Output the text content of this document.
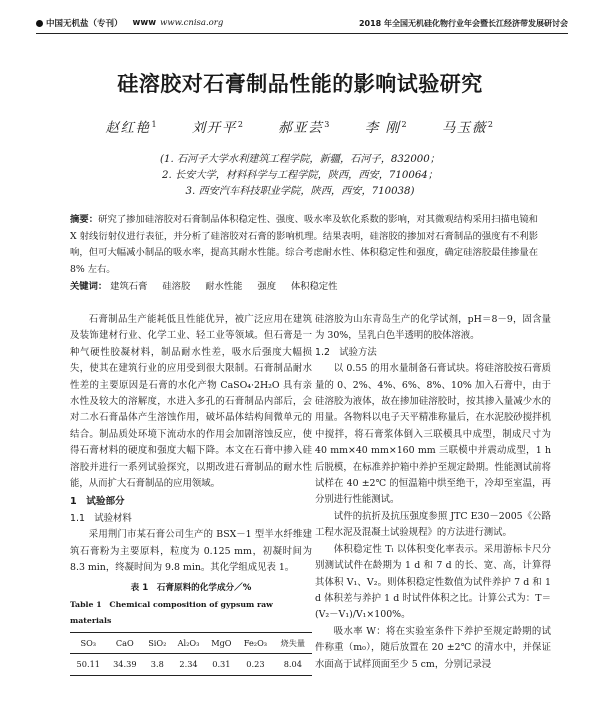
中国无机盐（专刊） www www.cnisa.org	2018 年全国无机硅化物行业年会暨长江经济带发展研讨会
硅溶胶对石膏制品性能的影响试验研究
赵红艳$^1$	刘开平$^2$	郝亚芸$^3$	李 刚$^2$	马玉薇$^2$
(1. 石河子大学水利建筑工程学院，新疆，石河子，832000；
2. 长安大学，材料科学与工程学院，陕西，西安，710064；
3. 西安汽车科技职业学院，陕西，西安，710038)
摘要：研究了掺加硅溶胶对石膏制品体积稳定性、强度、吸水率及软化系数的影响，对其微观结构采用扫描电镜和 X 射线衍射仪进行表征，并分析了硅溶胶对石膏的影响机理。结果表明，硅溶胶的掺加对石膏制品的强度有不利影响，但可大幅减小制品的吸水率，提高其耐水性能。综合考虑耐水性、体积稳定性和强度，确定硅溶胶最佳掺量在 8% 左右。
关键词： 建筑石膏 硅溶胶 耐水性能 强度 体积稳定性

石膏制品生产能耗低且性能优异，被广泛应用在建筑及装饰建材行业、化学工业、轻工业等领域。但石膏是一种气硬性胶凝材料，制品耐水性差，吸水后强度大幅损失，使其在建筑行业的应用受到很大限制。石膏制品耐水性差的主要原因是石膏的水化产物 CaSO₄·2H₂O 具有亲水性及较大的溶解度，水进入多孔的石膏制品内部后，会对二水石膏晶体产生溶蚀作用，破坏晶体结构间微单元的结合。制品质处环境下流动水的作用会加剧溶蚀反应，使得石膏材料的硬度和强度大幅下降。本文在石膏中掺入硅溶胶并进行一系列试验探究，以期改进石膏制品的耐水性能，从而扩大石膏制品的应用领域。

1　试验部分
1.1　试验材料

采用荆门市某石膏公司生产的 BSX－1 型半水纤维建筑石膏粉为主要原料，粒度为 0.125 mm，初凝时间为 8.3 min，终凝时间为 9.8 min。其化学组成见表 1。

表 1　石膏原料的化学成分／%
Table 1　Chemical composition of gypsum raw materials
SO₃	CaO	SiO₂	Al₂O₃	MgO	Fe₂O₃	烧失量
50.11	34.39	3.8	2.34	0.31	0.23	8.04

硅溶胶为山东青岛生产的化学试剂，pH＝8－9，固含量为 30%，呈乳白色半透明的胶体溶液。

1.2　试验方法

以 0.55 的用水量制备石膏试块。将硅溶胶按石膏质量的 0、2%、4%、6%、8%、10% 加入石膏中，由于硅溶胶为液体，故在掺加硅溶胶时，按其掺入量减少水的用量。各物料以电子天平精准称量后，在水泥胶砂搅拌机中搅拌，将石膏浆体倒入三联模具中成型，制成尺寸为 40 mm×40 mm×160 mm 三联模中并震动成型，1 h 后脱模，在标准养护箱中养护至规定龄期。性能测试前将试样在 40 ±2℃ 的恒温箱中烘至绝干，冷却至室温，再分别进行性能测试。

试件的抗折及抗压强度参照 JTC E30－2005《公路工程水泥及混凝土试验规程》的方法进行测试。

体积稳定性 Tₗ 以体积变化率表示。采用游标卡尺分别测试试件在龄期为 1 d 和 7 d 的长、宽、高，计算得其体积 V₁、V₂。则体积稳定性数值为试件养护 7 d 和 1 d 体积差与养护 1 d 时试件体积之比。计算公式为：T＝(V₂－V₁)/V₁×100%。

吸水率 W：将在实验室条件下养护至规定龄期的试件称重（m₀），随后放置在 20 ±2℃ 的清水中，并保证水面高于试样顶面至少 5 cm，分别记录浸
